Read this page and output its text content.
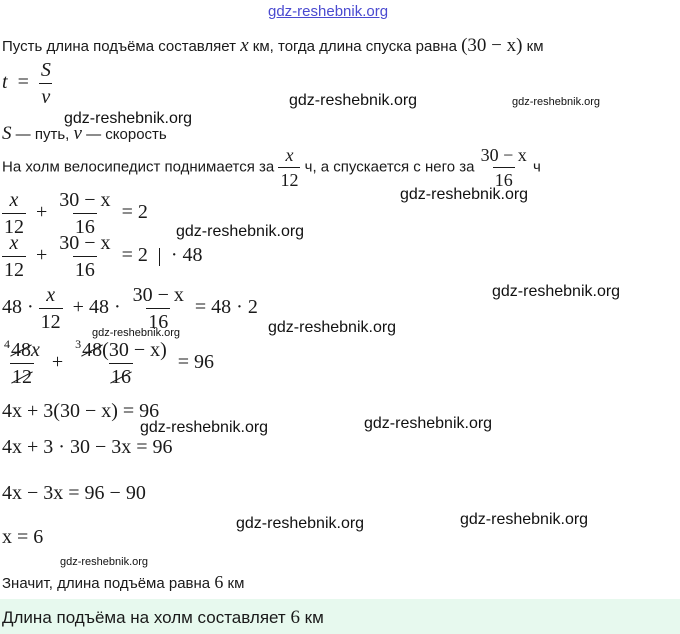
gdz-reshebnik.org
Пусть длина подъёма составляет x км, тогда длина спуска равна (30 − x) км
$t = \frac{S}{v}$
S — путь, v — скорость
На холм велосипедист поднимается за $\frac{x}{12} ч$, а спускается с него за $\frac{30 - x}{16}$ ч
$\frac{x}{12} + \frac{30 - x}{16} = 2$
$\frac{x}{12} + \frac{30 - x}{16} = 2 \cdot 48$
$48 \cdot \frac{x}{12} + 48 \cdot \frac{30 - x}{16} = 48 \cdot 2$
$\frac{^448x}{12} + \frac{^348(30 - x)}{16} = 96$
4x + 3(30 − x) = 96
4x + 3 · 30 − 3x = 96
4x − 3x = 96 − 90
x = 6
Значит, длина подъёма равна 6 км
Длина подъёма на холм составляет 6 км
gdz-reshebnik.org	gdz-reshebnik.org
gdz-reshebnik.org
gdz-reshebnik.org
gdz-reshebnik.org
gdz-reshebnik.org
gdz-reshebnik.org
gdz-reshebnik.org
gdz-reshebnik.org
gdz-reshebnik.org
gdz-reshebnik.org	gdz-reshebnik.org
gdz-reshebnik.org
